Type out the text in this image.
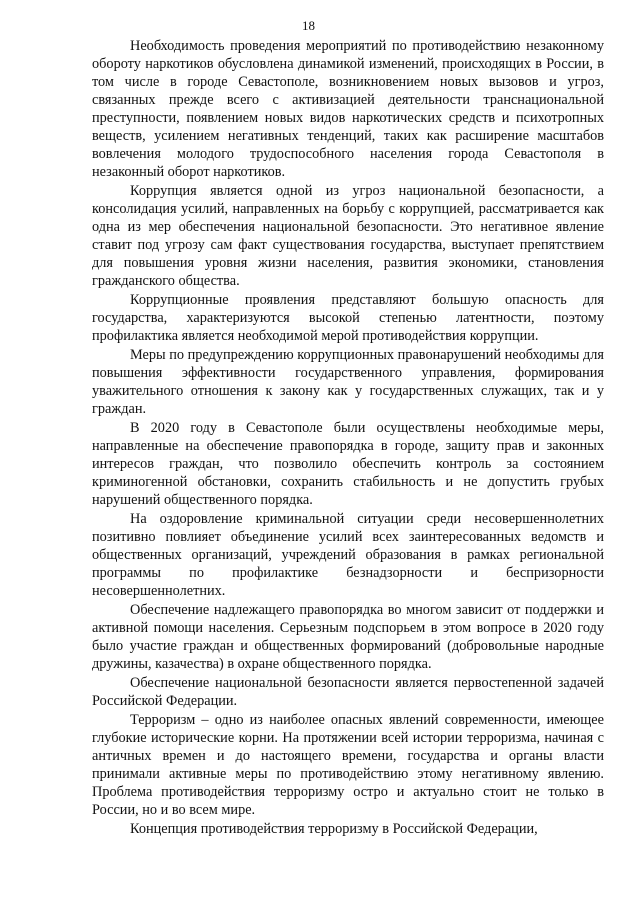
18

Необходимость проведения мероприятий по противодействию незаконному обороту наркотиков обусловлена динамикой изменений, происходящих в России, в том числе в городе Севастополе, возникновением новых вызовов и угроз, связанных прежде всего с активизацией деятельности транснациональной преступности, появлением новых видов наркотических средств и психотропных веществ, усилением негативных тенденций, таких как расширение масштабов вовлечения молодого трудоспособного населения города Севастополя в незаконный оборот наркотиков.

Коррупция является одной из угроз национальной безопасности, а консолидация усилий, направленных на борьбу с коррупцией, рассматривается как одна из мер обеспечения национальной безопасности. Это негативное явление ставит под угрозу сам факт существования государства, выступает препятствием для повышения уровня жизни населения, развития экономики, становления гражданского общества.

Коррупционные проявления представляют большую опасность для государства, характеризуются высокой степенью латентности, поэтому профилактика является необходимой мерой противодействия коррупции.

Меры по предупреждению коррупционных правонарушений необходимы для повышения эффективности государственного управления, формирования уважительного отношения к закону как у государственных служащих, так и у граждан.

В 2020 году в Севастополе были осуществлены необходимые меры, направленные на обеспечение правопорядка в городе, защиту прав и законных интересов граждан, что позволило обеспечить контроль за состоянием криминогенной обстановки, сохранить стабильность и не допустить грубых нарушений общественного порядка.

На оздоровление криминальной ситуации среди несовершеннолетних позитивно повлияет объединение усилий всех заинтересованных ведомств и общественных организаций, учреждений образования в рамках региональной программы по профилактике безнадзорности и беспризорности несовершеннолетних.

Обеспечение надлежащего правопорядка во многом зависит от поддержки и активной помощи населения. Серьезным подспорьем в этом вопросе в 2020 году было участие граждан и общественных формирований (добровольные народные дружины, казачества) в охране общественного порядка.

Обеспечение национальной безопасности является первостепенной задачей Российской Федерации.

Терроризм – одно из наиболее опасных явлений современности, имеющее глубокие исторические корни. На протяжении всей истории терроризма, начиная с античных времен и до настоящего времени, государства и органы власти принимали активные меры по противодействию этому негативному явлению. Проблема противодействия терроризму остро и актуально стоит не только в России, но и во всем мире.

Концепция противодействия терроризму в Российской Федерации,
